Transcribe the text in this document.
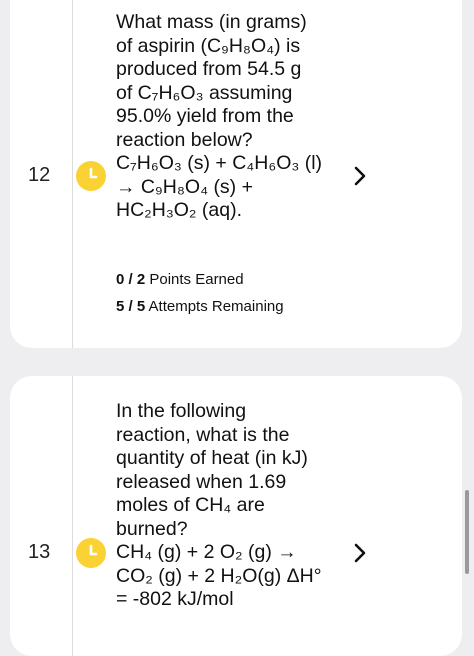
12

What mass (in grams)

of aspirin (C₉H₈O₄) is

produced from 54.5 g

of C₇H₆O₃ assuming

95.0% yield from the

reaction below?

C₇H₆O₃ (s) + C₄H₆O₃ (l)

→ C₉H₈O₄ (s) +

HC₂H₃O₂ (aq).

0 / 2 Points Earned
5 / 5 Attempts Remaining
13

In the following

reaction, what is the

quantity of heat (in kJ)

released when 1.69

moles of CH₄ are

burned?

CH₄ (g) + 2 O₂ (g) →

CO₂ (g) + 2 H₂O(g) ΔH°

= -802 kJ/mol
